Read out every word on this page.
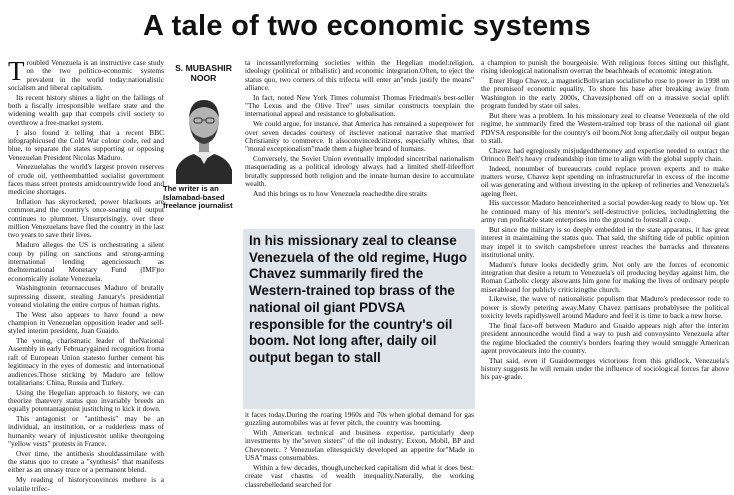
A tale of two economic systems

Troubled Venezuela is an instructive case study on the two politico-economic systems prevalent in the world today:nationalistic socialism and liberal capitalism.

Its recent history shines a light on the failings of both a fiscally irresponsible welfare state and the widening wealth gap that compels civil society to overthrow a free-market system.

I also found it telling that a recent BBC infographicused the Cold War colour code, red and blue, to separate the states supporting or opposing Venezuelan President Nicolas Maduro.

Venezuelahas the world's largest proven reserves of crude oil, yettheembattled socialist government faces mass street protests amidcountrywide food and medicine shortages.

Inflation has skyrocketed, power blackouts are common,and the country's once-soaring oil output continues to plummet. Unsurprisingly, over three million Venezuelans have fled the country in the last two years to save their lives.

Maduro alleges the US is orchestrating a silent coup by piling on sanctions and strong-arming international lending agenciessuch as theInternational Monetary Fund (IMF)to economically isolate Venezuela.

Washingtonin returnaccuses Maduro of brutally supressing dissent, stealing January's presidential voteand violating the entire corpus of human rights.

The West also appears to have found a new champion in Venezuelan opposition leader and self-styled interim president, Juan Guaido.

The young, charismatic leader of theNational Assembly in early Februarygained recognition froma raft of European Union statesto further cement his legitimacy in the eyes of domestic and international audiences.Those sticking by Maduro are fellow totalitarians: China, Russia and Turkey.

Using the Hegelian approach to history, we can theorize thatevery status quo invariably breeds an equally potentantagonist justitching to kick it down.

This antagonist or "antithesis" may be an individual, an institution, or a rudderless mass of humanity weary of injusticesnot unlike theongoing "yellow vests" protests in France.

Over time, the antithesis shouldassimilate with the status quo to create a "synthesis" that manifests either as an uneasy truce or a permanent blend.

My reading of historyconvinces methere is a volatile trifec-

S. MUBASHIR
NOOR
The writer is an Islamabad-based freelance journalist

ta incessantlyreforming societies within the Hegelian model:religion, ideology (political or tribalistic) and economic integration.Often, to eject the status quo, two corners of this trifecta will enter an"ends justify the means" alliance.

In fact, noted New York Times columnist Thomas Friedman's best-seller "The Lexus and the Olive Tree" uses similar constructs toexplain the international appeal and resistance to globalisation.

We could argue, for instance, that America has remained a superpower for over seven decades courtesy of itsclever national narrative that married Christianity to commerce. It alsoconvincedcitizens, especially whites, that "moral exceptionalism"made them a higher brand of humans.

Conversely, the Soviet Union eventually imploded sincetribal nationalism masquerading as a political ideology always had a limited shelf-lifeeffort brutally suppressed both religion and the innate human desire to accumulate wealth.

And this brings us to how Venezuela reachedthe dire straits

In his missionary zeal to cleanse Venezuela of the old regime, Hugo Chavez summarily fired the Western-trained top brass of the national oil giant PDVSA responsible for the country's oil boom. Not long after, daily oil output began to stall

it faces today.During the roaring 1960s and 70s when global demand for gas guzzling automobiles was at fever pitch, the country was booming.

With American technical and business expertise, particularly deep investments by the"seven sisters" of the oil industry; Exxon, Mobil, BP and Chevronetc. ? Venezuelan elitesquickly developed an appetite for"Made in USA"mass consumables.

Within a few decades, though,unchecked capitalism did what it does best: create vast chasms of wealth inequality.Naturally, the working classrebelledand searched for

a champion to punish the bourgeoisie. With religious forces sitting out thisfight, rising ideological nationalism overran the beachheads of economic integration.

Enter Hugo Chavez, a magneticBolivarian socialistwho rose to power in 1998 on the promiseof economic equality. To shore his base after breaking away from Washington in the early 2000s, Chavezsiphoned off on a massive social uplift program funded by state oil sales.

But there was a problem. In his missionary zeal to cleanse Venezuela of the old regime, he summarily fired the Western-trained top brass of the national oil giant PDVSA responsible for the country's oil boom.Not long after,daily oil output began to stall.

Chavez had egregiously misjudgedthemoney and expertise needed to extract the Orinoco Belt's heavy crudeandship iton time to align with the global supply chain.

Indeed, nonumber of bureaucrats could replace proven experts and to make matters worse, Chavez kept spending on infrastructurefar in excess of the income oil was generating and without investing in the upkeep of refineries and Venezuela's ageing fleet.

His successor Maduro henceinherited a social powder-keg ready to blow up. Yet he continued many of his mentor's self-destructive policies, includingletting the army run profitable state enterprises into the ground to forestall a coup.

But since the military is so deeply embedded in the state apparatus, it has great interest in maintaining the status quo. That said, the shifting tide of public opinion may impel it to switch campsbefore unrest reaches the barracks and threatens institutional unity.

Maduro's future looks decidedly grim. Not only are the forces of economic integration that desire a return to Venezuela's oil producing heyday against him, the Roman Catholic clergy alsowants him gone for making the lives of ordinary people miserableand for publicly criticizingthe church.

Likewise, the wave of nationalistic populism that Maduro's predecessor rode to power is slowly petering away.Many Chavez partisans probablysee the political toxicity levels rapidlyswell around Maduro and feel it is time to back a new horse.

The final face-off between Maduro and Guaido appears nigh after the interim president announcedhe would find a way to push aid convoysinto Venezuela after the regime blockaded the country's borders fearing they would smuggle American agent provocateurs into the country.

That said, even if Guaidoemerges victorious from this gridlock, Venezuela's history suggests he will remain under the influence of sociological forces far above his pay-grade.
